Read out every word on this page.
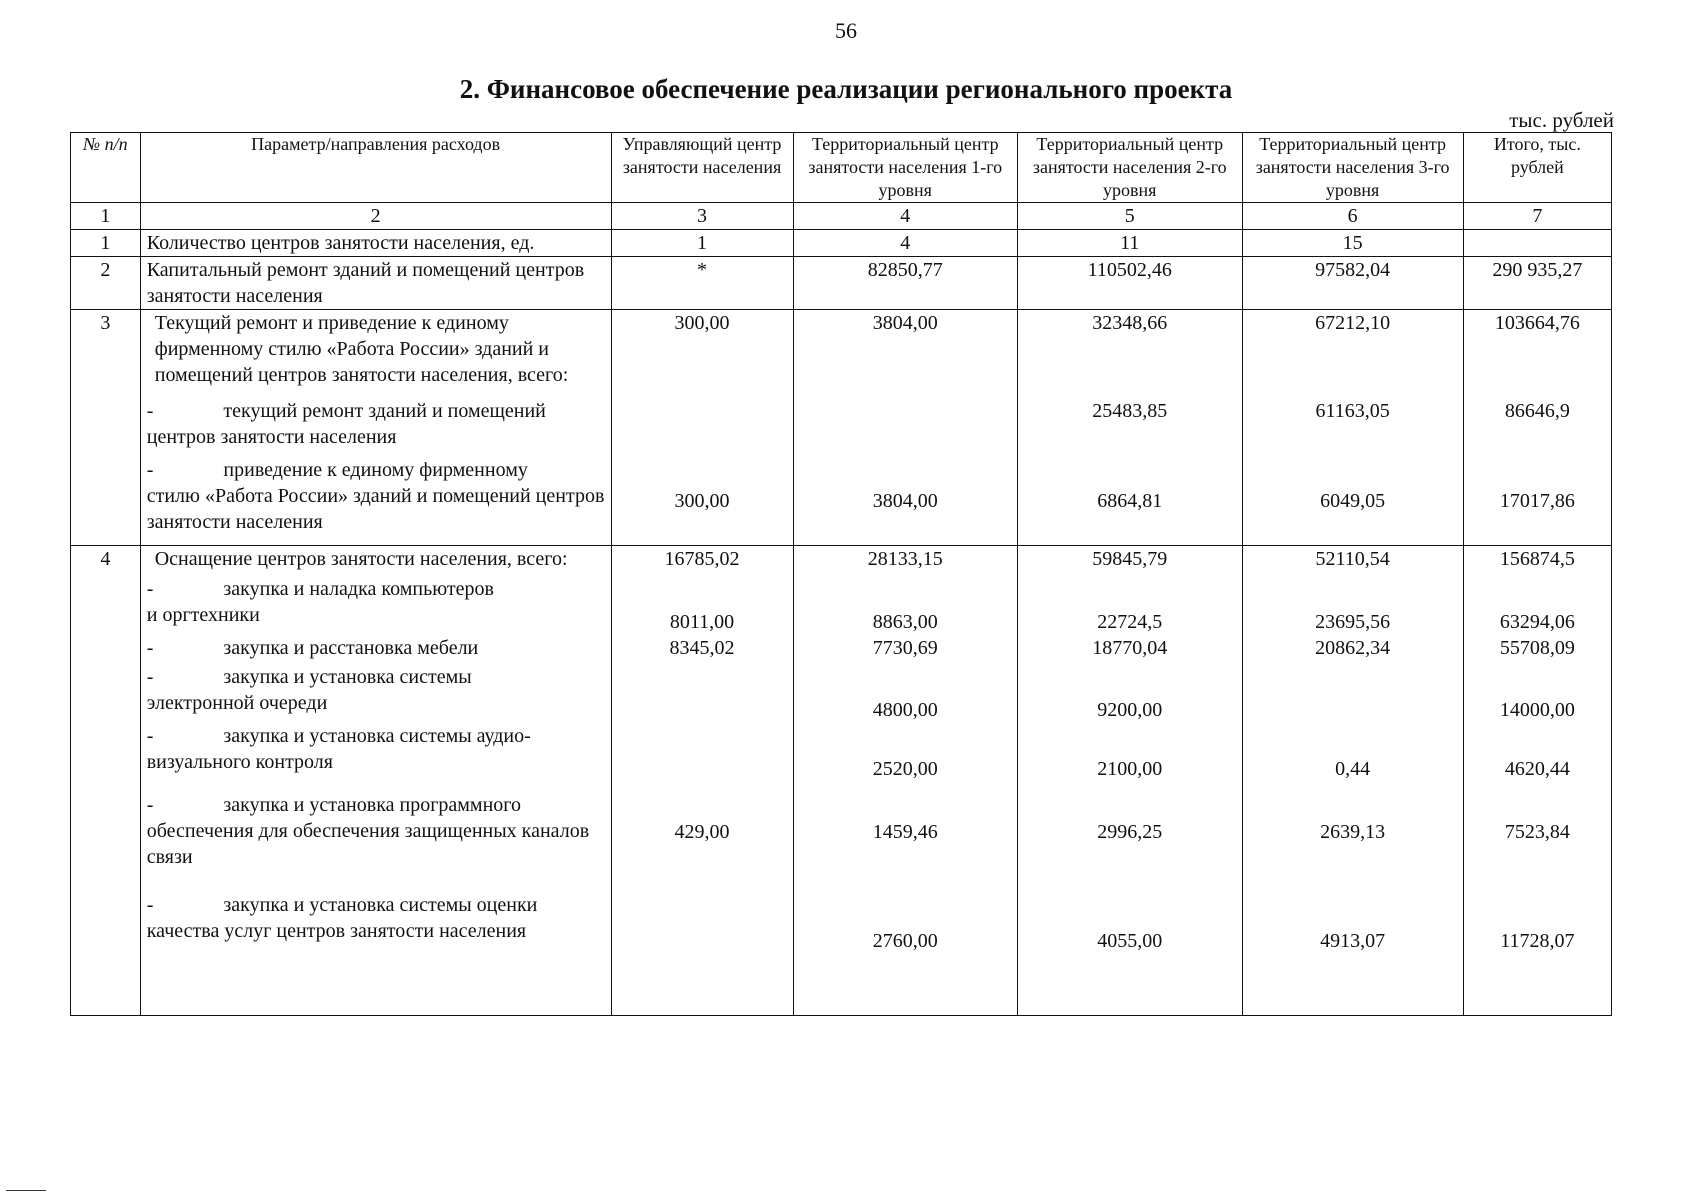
56
2. Финансовое обеспечение реализации регионального проекта
тыс. рублей
№ п/п	Параметр/направления расходов	Управляющий центр занятости населения	Территориальный центр занятости населения 1-го уровня	Территориальный центр занятости населения 2-го уровня	Территориальный центр занятости населения 3-го уровня	Итого, тыс. рублей
1	2	3	4	5	6	7
1	Количество центров занятости населения, ед.	1	4	11	15	
2	Капитальный ремонт зданий и помещений центров занятости населения	*	82850,77	110502,46	97582,04	290 935,27
3	Текущий ремонт и приведение к единому фирменному стилю «Работа России» зданий и помещений центров занятости населения, всего:	300,00	3804,00	32348,66	67212,10	103664,76
	- текущий ремонт зданий и помещений
центров занятости населения			25483,85	61163,05	86646,9
	- приведение к единому фирменному
стилю «Работа России» зданий и помещений центров занятости населения	300,00	3804,00	6864,81	6049,05	17017,86
4	Оснащение центров занятости населения, всего:	16785,02	28133,15	59845,79	52110,54	156874,5
	- закупка и наладка компьютеров
и оргтехники	8011,00	8863,00	22724,5	23695,56	63294,06
	- закупка и расстановка мебели	8345,02	7730,69	18770,04	20862,34	55708,09
	- закупка и установка системы
электронной очереди		4800,00	9200,00		14000,00
	- закупка и установка системы аудио-
визуального контроля		2520,00	2100,00	0,44	4620,44
	- закупка и установка программного
обеспечения для обеспечения защищенных каналов связи	429,00	1459,46	2996,25	2639,13	7523,84
	- закупка и установка системы оценки
качества услуг центров занятости населения		2760,00	4055,00	4913,07	11728,07
